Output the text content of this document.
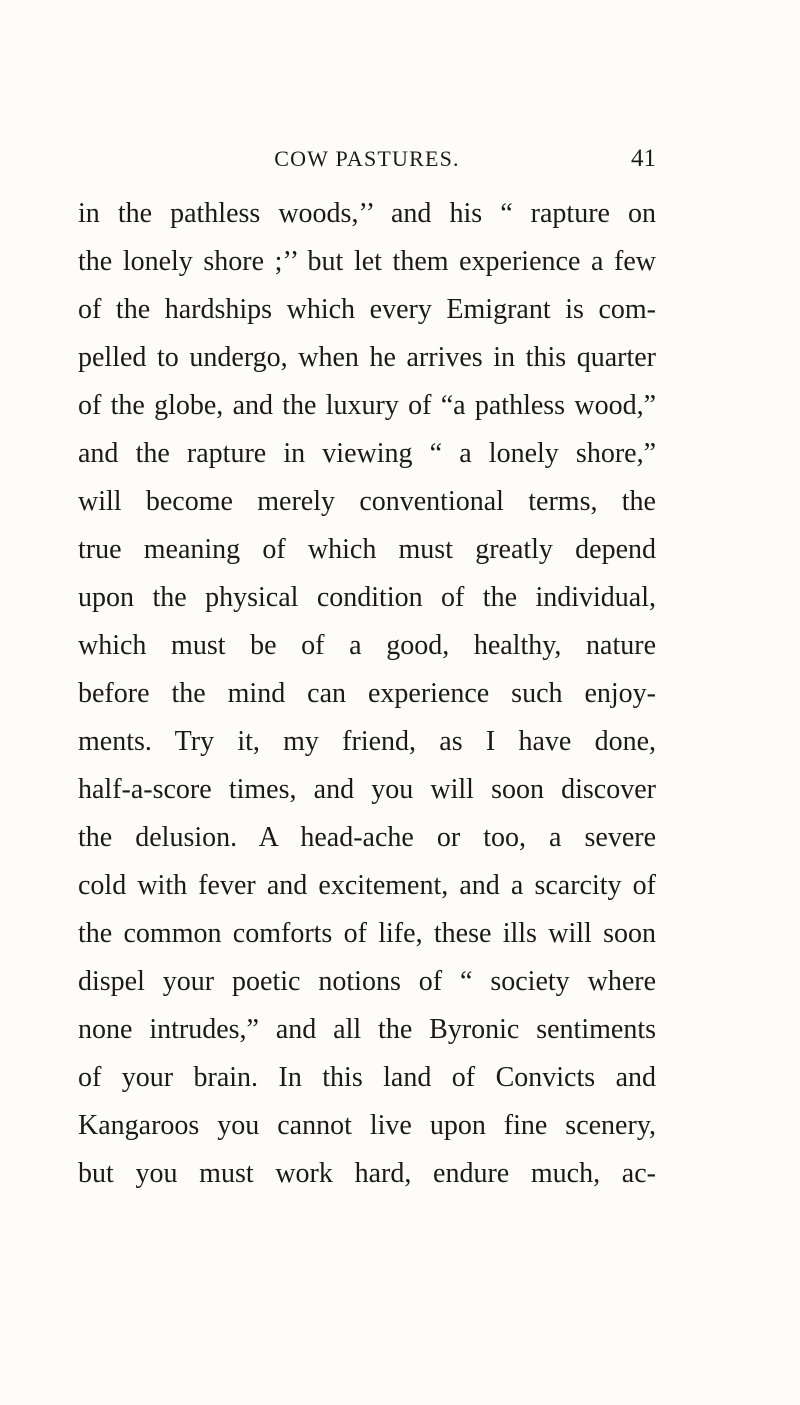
COW PASTURES.	41
in the pathless woods,’’ and his “ rapture on
the lonely shore ;’’ but let them experience a few
of the hardships which every Emigrant is com-
pelled to undergo, when he arrives in this quarter
of the globe, and the luxury of “a pathless wood,”
and the rapture in viewing “ a lonely shore,”
will become merely conventional terms, the
true meaning of which must greatly depend
upon the physical condition of the individual,
which must be of a good, healthy, nature
before the mind can experience such enjoy-
ments. Try it, my friend, as I have done,
half-a-score times, and you will soon discover
the delusion. A head-ache or too, a severe
cold with fever and excitement, and a scarcity of
the common comforts of life, these ills will soon
dispel your poetic notions of “ society where
none intrudes,” and all the Byronic sentiments
of your brain. In this land of Convicts and
Kangaroos you cannot live upon fine scenery,
but you must work hard, endure much, ac-
